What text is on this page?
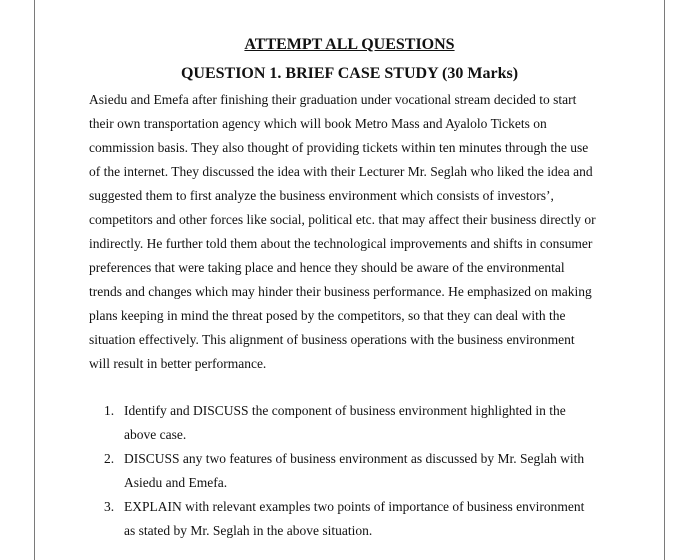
ATTEMPT ALL QUESTIONS
QUESTION 1. BRIEF CASE STUDY (30 Marks)
Asiedu and Emefa after finishing their graduation under vocational stream decided to start
their own transportation agency which will book Metro Mass and Ayalolo Tickets on
commission basis. They also thought of providing tickets within ten minutes through the use
of the internet. They discussed the idea with their Lecturer Mr. Seglah who liked the idea and
suggested them to first analyze the business environment which consists of investors’,
competitors and other forces like social, political etc. that may affect their business directly or
indirectly. He further told them about the technological improvements and shifts in consumer
preferences that were taking place and hence they should be aware of the environmental
trends and changes which may hinder their business performance. He emphasized on making
plans keeping in mind the threat posed by the competitors, so that they can deal with the
situation effectively. This alignment of business operations with the business environment
will result in better performance.
1. Identify and DISCUSS the component of business environment highlighted in the
above case.
2. DISCUSS any two features of business environment as discussed by Mr. Seglah with
Asiedu and Emefa.
3. EXPLAIN with relevant examples two points of importance of business environment
as stated by Mr. Seglah in the above situation.
